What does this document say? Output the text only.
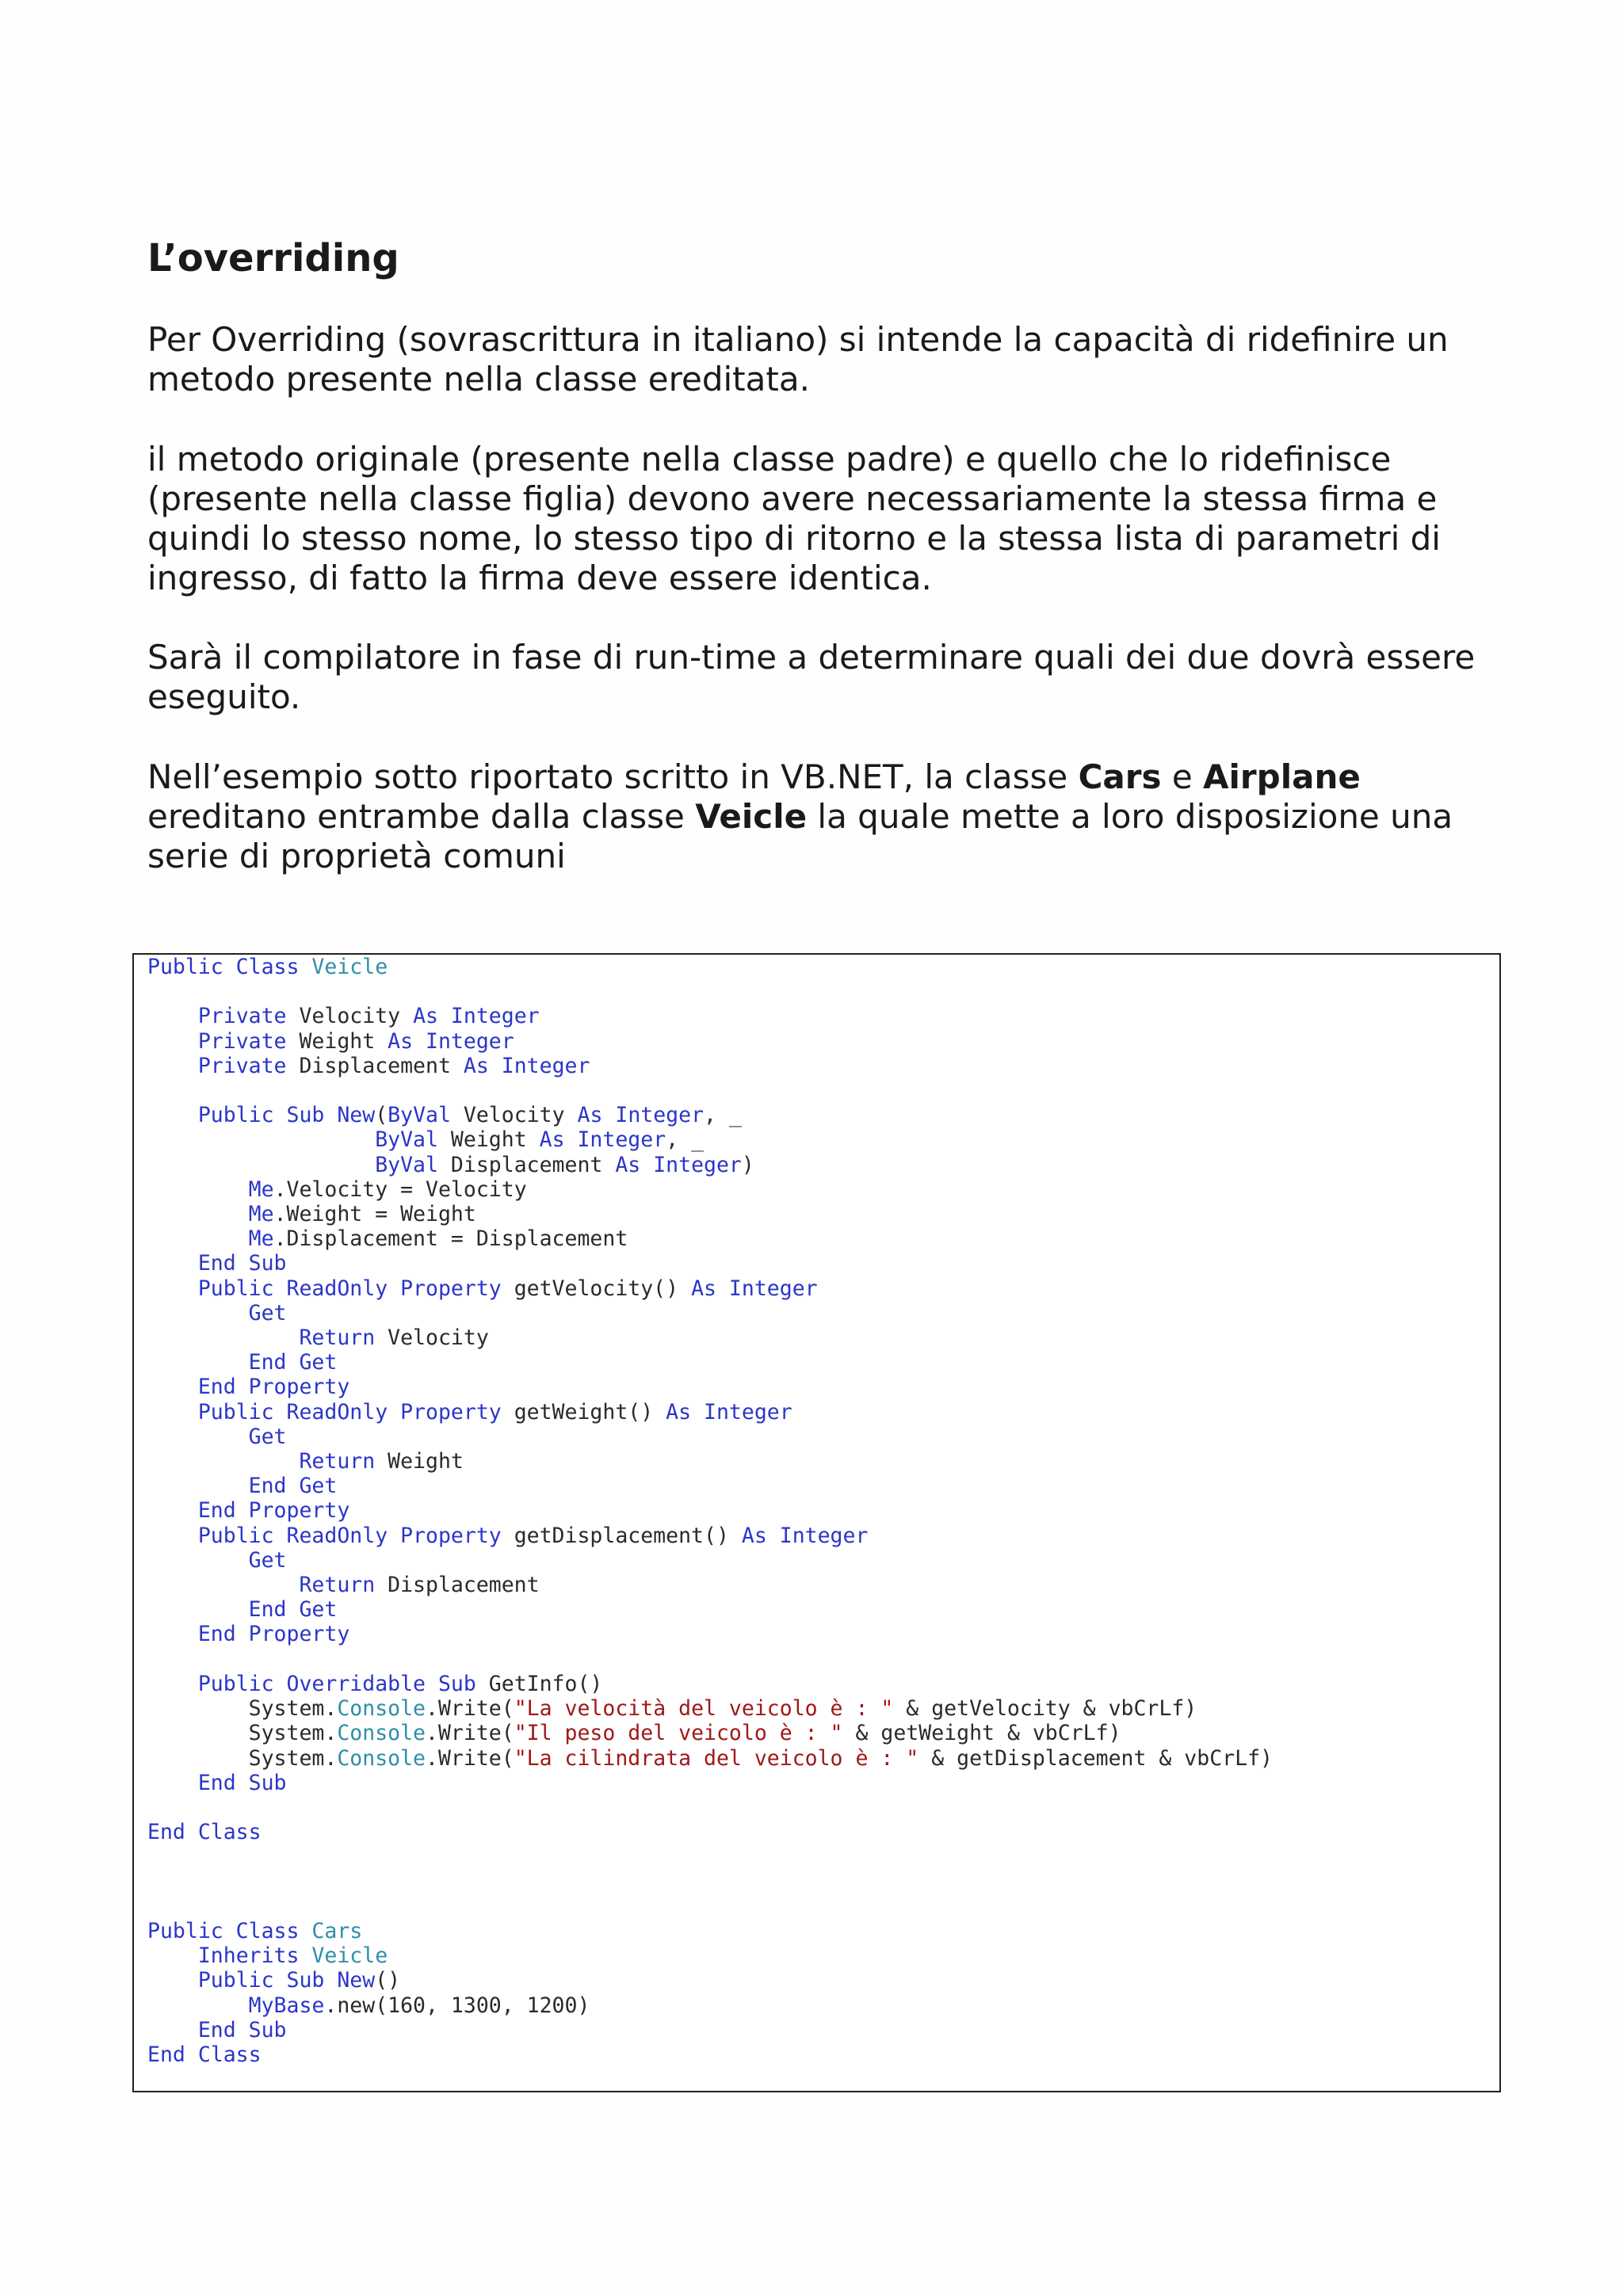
L’overriding

Per Overriding (sovrascrittura in italiano) si intende la capacità di ridefinire un metodo presente nella classe ereditata.

il metodo originale (presente nella classe padre) e quello che lo ridefinisce (presente nella classe figlia) devono avere necessariamente la stessa firma e quindi lo stesso nome, lo stesso tipo di ritorno e la stessa lista di parametri di ingresso, di fatto la firma deve essere identica.

Sarà il compilatore in fase di run-time a determinare quali dei due dovrà essere eseguito.

Nell’esempio sotto riportato scritto in VB.NET, la classe Cars e Airplane ereditano entrambe dalla classe Veicle la quale mette a loro disposizione una serie di proprietà comuni

Public Class Veicle

Private Velocity As Integer
Private Weight As Integer
Private Displacement As Integer

Public Sub New(ByVal Velocity As Integer, _
ByVal Weight As Integer, _
ByVal Displacement As Integer)
Me.Velocity = Velocity
Me.Weight = Weight
Me.Displacement = Displacement
End Sub
Public ReadOnly Property getVelocity() As Integer
Get
Return Velocity
End Get
End Property
Public ReadOnly Property getWeight() As Integer
Get
Return Weight
End Get
End Property
Public ReadOnly Property getDisplacement() As Integer
Get
Return Displacement
End Get
End Property

Public Overridable Sub GetInfo()
System.Console.Write("La velocità del veicolo è : " & getVelocity & vbCrLf)
System.Console.Write("Il peso del veicolo è : " & getWeight & vbCrLf)
System.Console.Write("La cilindrata del veicolo è : " & getDisplacement & vbCrLf)
End Sub

End Class

Public Class Cars
Inherits Veicle
Public Sub New()
MyBase.new(160, 1300, 1200)
End Sub
End Class
